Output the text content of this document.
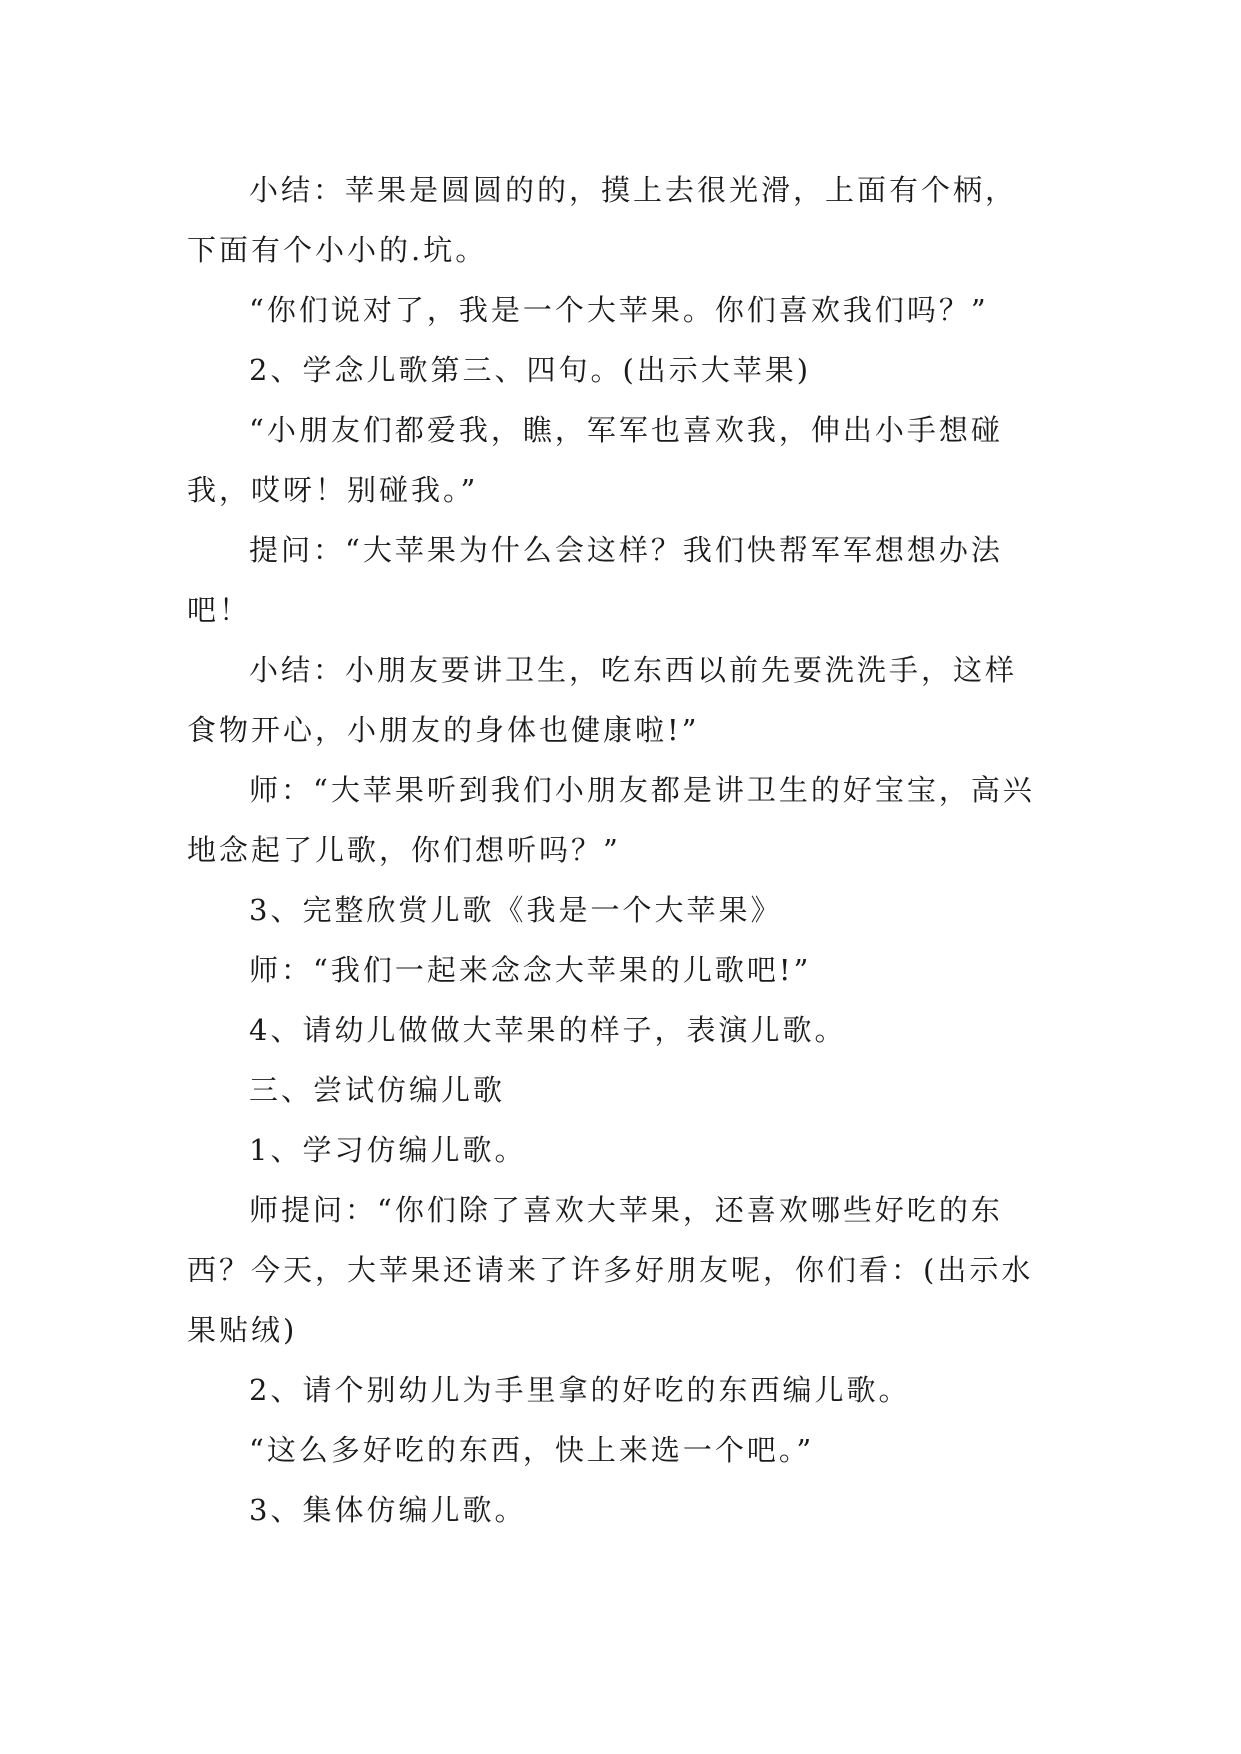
小结：苹果是圆圆的的，摸上去很光滑，上面有个柄，下面有个小小的.坑。

“你们说对了，我是一个大苹果。你们喜欢我们吗？”

2、学念儿歌第三、四句。(出示大苹果)

“小朋友们都爱我，瞧，军军也喜欢我，伸出小手想碰我，哎呀！别碰我。”

提问：“大苹果为什么会这样？我们快帮军军想想办法吧！

小结：小朋友要讲卫生，吃东西以前先要洗洗手，这样食物开心，小朋友的身体也健康啦!”

师：“大苹果听到我们小朋友都是讲卫生的好宝宝，高兴地念起了儿歌，你们想听吗？”

3、完整欣赏儿歌《我是一个大苹果》

师：“我们一起来念念大苹果的儿歌吧!”

4、请幼儿做做大苹果的样子，表演儿歌。

三、尝试仿编儿歌

1、学习仿编儿歌。

师提问：“你们除了喜欢大苹果，还喜欢哪些好吃的东西？今天，大苹果还请来了许多好朋友呢，你们看：(出示水果贴绒)

2、请个别幼儿为手里拿的好吃的东西编儿歌。

“这么多好吃的东西，快上来选一个吧。”

3、集体仿编儿歌。
